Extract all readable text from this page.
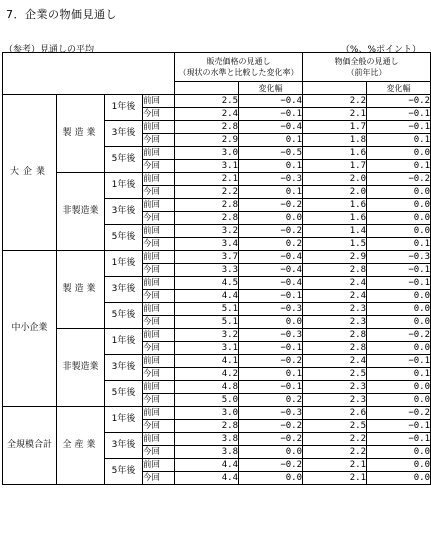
7．企業の物価見通し
（参考）見通しの平均	（%、%ポイント）

				販売価格の見通し
（現状の水準と比較した変化率）		物価全般の見通し
（前年比）	

					変化幅		変化幅
大企業	製造業	1年後	前回	2.5	−0.4	2.2	−0.2
			今回	2.4	−0.1	2.1	−0.1
		3年後	前回	2.8	−0.4	1.7	−0.1
			今回	2.9	0.1	1.8	0.1
		5年後	前回	3.0	−0.5	1.6	0.0
			今回	3.1	0.1	1.7	0.1
	非製造業	1年後	前回	2.1	−0.3	2.0	−0.2
			今回	2.2	0.1	2.0	0.0
		3年後	前回	2.8	−0.2	1.6	0.0
			今回	2.8	0.0	1.6	0.0
		5年後	前回	3.2	−0.2	1.4	0.0
			今回	3.4	0.2	1.5	0.1
中小企業	製造業	1年後	前回	3.7	−0.4	2.9	−0.3
			今回	3.3	−0.4	2.8	−0.1
		3年後	前回	4.5	−0.4	2.4	−0.1
			今回	4.4	−0.1	2.4	0.0
		5年後	前回	5.1	−0.3	2.3	0.0
			今回	5.1	0.0	2.3	0.0
	非製造業	1年後	前回	3.2	−0.3	2.8	−0.2
			今回	3.1	−0.1	2.8	0.0
		3年後	前回	4.1	−0.2	2.4	−0.1
			今回	4.2	0.1	2.5	0.1
		5年後	前回	4.8	−0.1	2.3	0.0
			今回	5.0	0.2	2.3	0.0
全規模合計	全産業	1年後	前回	3.0	−0.3	2.6	−0.2
			今回	2.8	−0.2	2.5	−0.1
		3年後	前回	3.8	−0.2	2.2	−0.1
			今回	3.8	0.0	2.2	0.0
		5年後	前回	4.4	−0.2	2.1	0.0
			今回	4.4	0.0	2.1	0.0
